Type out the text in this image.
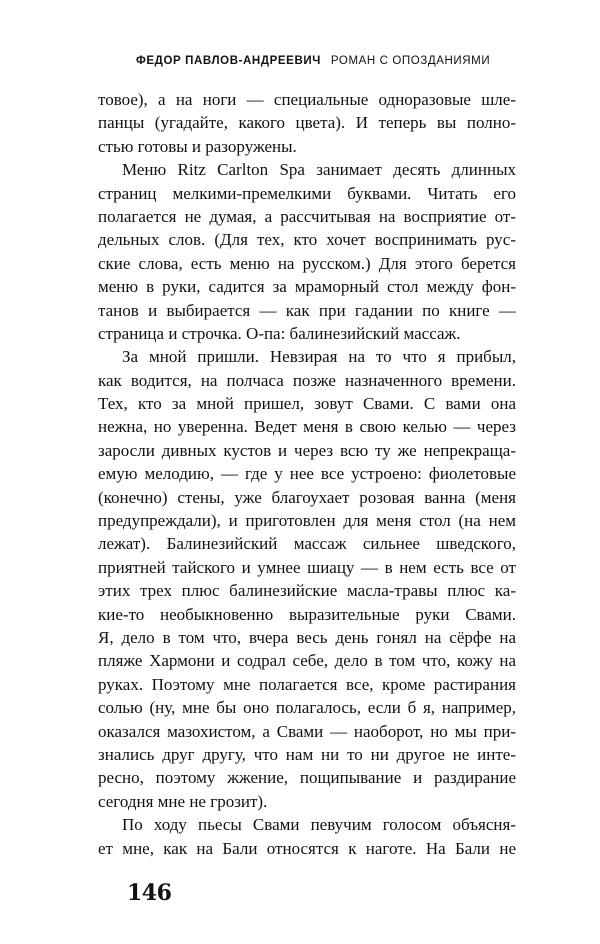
ФЕДОР ПАВЛОВ-АНДРЕЕВИЧ РОМАН С ОПОЗДАНИЯМИ
товое), а на ноги — специальные одноразовые шле-
панцы (угадайте, какого цвета). И теперь вы полно-
стью готовы и разоружены.
Меню Ritz Carlton Spa занимает десять длинных
страниц мелкими-премелкими буквами. Читать его
полагается не думая, а рассчитывая на восприятие от-
дельных слов. (Для тех, кто хочет воспринимать рус-
ские слова, есть меню на русском.) Для этого берется
меню в руки, садится за мраморный стол между фон-
танов и выбирается — как при гадании по книге —
страница и строчка. О-па: балинезийский массаж.
За мной пришли. Невзирая на то что я прибыл,
как водится, на полчаса позже назначенного времени.
Тех, кто за мной пришел, зовут Свами. С вами она
нежна, но уверенна. Ведет меня в свою келью — через
заросли дивных кустов и через всю ту же непрекраща-
емую мелодию, — где у нее все устроено: фиолетовые
(конечно) стены, уже благоухает розовая ванна (меня
предупреждали), и приготовлен для меня стол (на нем
лежат). Балинезийский массаж сильнее шведского,
приятней тайского и умнее шиацу — в нем есть все от
этих трех плюс балинезийские масла-травы плюс ка-
кие-то необыкновенно выразительные руки Свами.
Я, дело в том что, вчера весь день гонял на сёрфе на
пляже Хармони и содрал себе, дело в том что, кожу на
руках. Поэтому мне полагается все, кроме растирания
солью (ну, мне бы оно полагалось, если б я, например,
оказался мазохистом, а Свами — наоборот, но мы при-
знались друг другу, что нам ни то ни другое не инте-
ресно, поэтому жжение, пощипывание и раздирание
сегодня мне не грозит).
По ходу пьесы Свами певучим голосом объясня-
ет мне, как на Бали относятся к наготе. На Бали не
146
